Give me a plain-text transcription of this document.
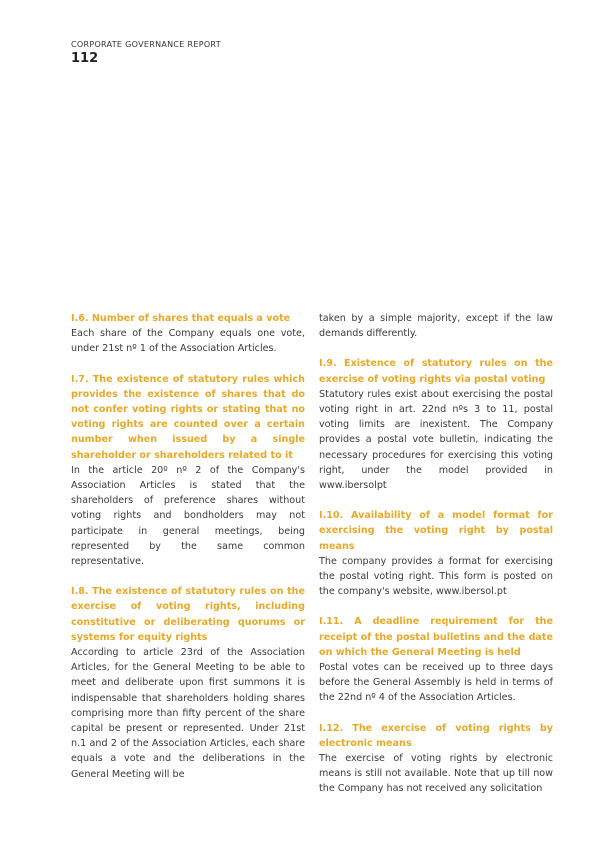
CORPORATE GOVERNANCE REPORT
112
I.6. Number of shares that equals a vote

Each share of the Company equals one vote, under 21st nº 1 of the Association Articles.

I.7. The existence of statutory rules which provides the existence of shares that do not confer voting rights or stating that no voting rights are counted over a certain number when issued by a single shareholder or shareholders related to it

In the article 20º nº 2 of the Company's Association Articles is stated that the shareholders of preference shares without voting rights and bondholders may not participate in general meetings, being represented by the same common representative.

I.8. The existence of statutory rules on the exercise of voting rights, including constitutive or deliberating quorums or systems for equity rights

According to article 23rd of the Association Articles, for the General Meeting to be able to meet and deliberate upon first summons it is indispensable that shareholders holding shares comprising more than fifty percent of the share capital be present or represented. Under 21st n.1 and 2 of the Association Articles, each share equals a vote and the deliberations in the General Meeting will be

taken by a simple majority, except if the law demands differently.

I.9. Existence of statutory rules on the exercise of voting rights via postal voting

Statutory rules exist about exercising the postal voting right in art. 22nd nºs 3 to 11, postal voting limits are inexistent. The Company provides a postal vote bulletin, indicating the necessary procedures for exercising this voting right, under the model provided in www.ibersolpt

I.10. Availability of a model format for exercising the voting right by postal means

The company provides a format for exercising the postal voting right. This form is posted on the company's website, www.ibersol.pt

I.11. A deadline requirement for the receipt of the postal bulletins and the date on which the General Meeting is held

Postal votes can be received up to three days before the General Assembly is held in terms of the 22nd nº 4 of the Association Articles.

I.12. The exercise of voting rights by electronic means

The exercise of voting rights by electronic means is still not available. Note that up till now the Company has not received any solicitation
